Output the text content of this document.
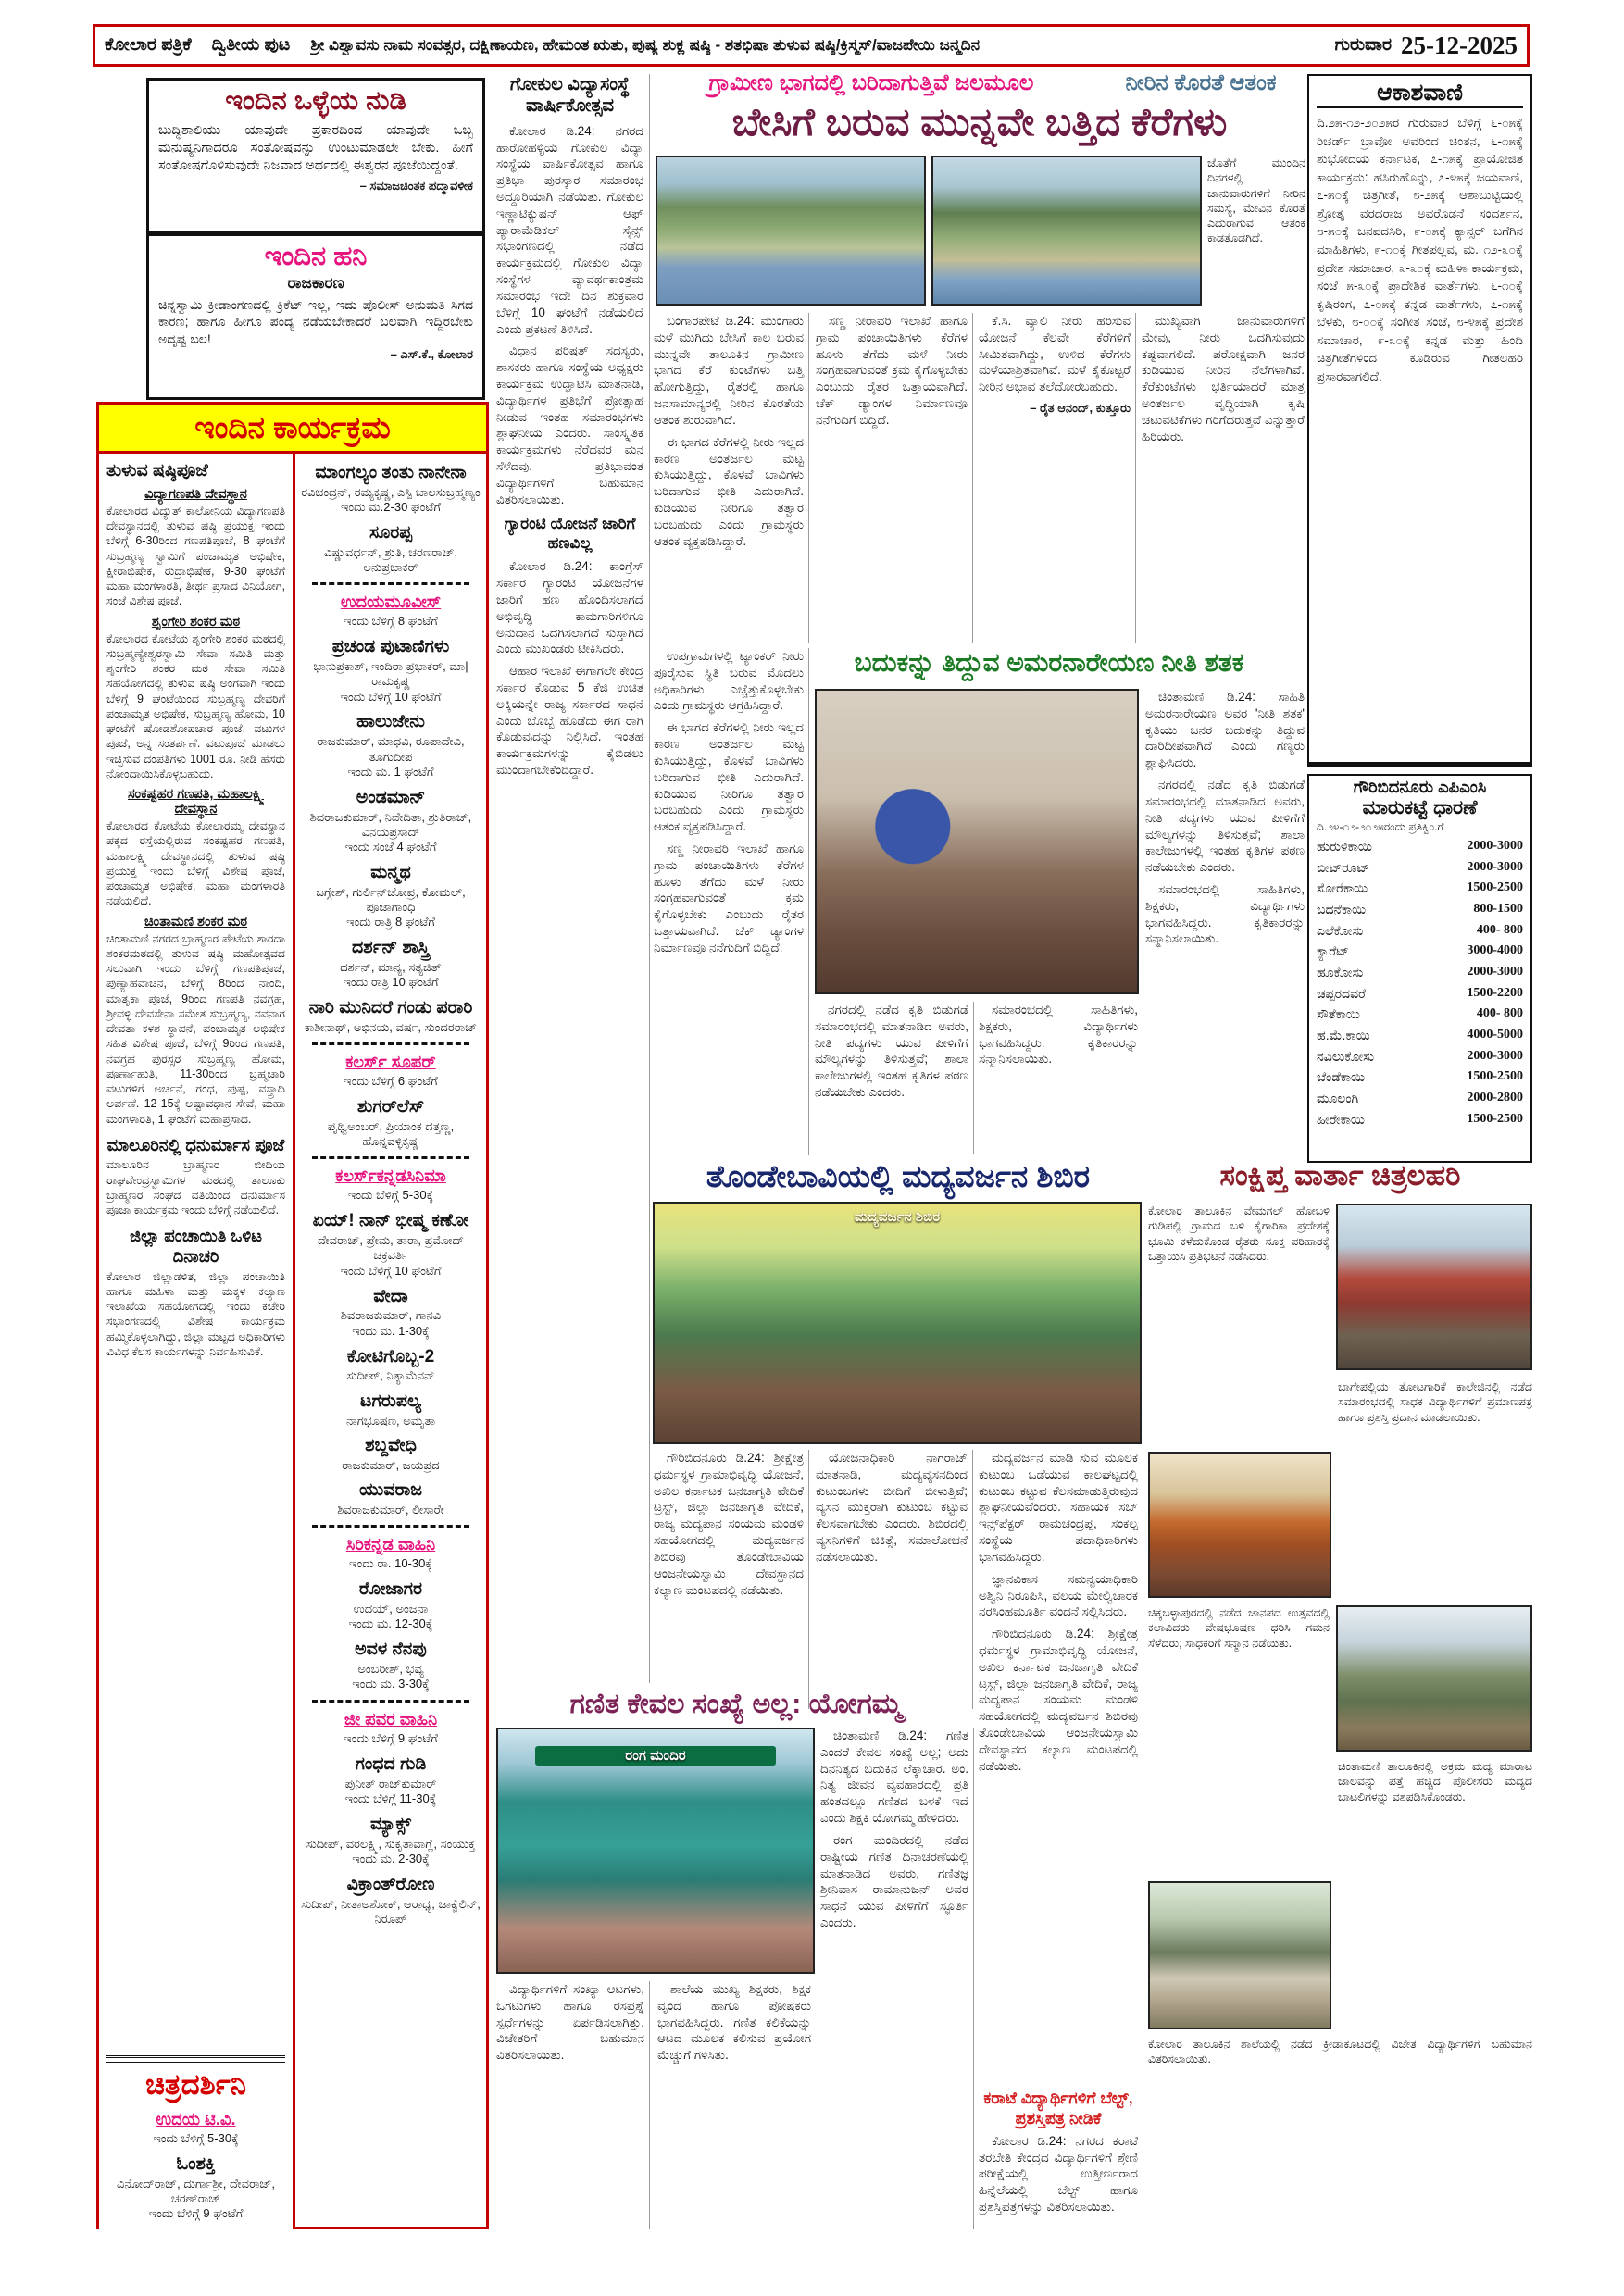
ಕೋಲಾರ ಪತ್ರಿಕೆ ದ್ವಿತೀಯ ಪುಟ ಶ್ರೀ ವಿಶ್ವಾವಸು ನಾಮ ಸಂವತ್ಸರ, ದಕ್ಷಿಣಾಯಣ, ಹೇಮಂತ ಋತು, ಪುಷ್ಯ ಶುಕ್ಲ ಷಷ್ಠಿ - ಶತಭಿಷಾ ತುಳುವ ಷಷ್ಠಿ/ಕ್ರಿಸ್ಮಸ್/ವಾಜಪೇಯಿ ಜನ್ಮದಿನ	ಗುರುವಾರ 25-12-2025
ಇಂದಿನ ಒಳ್ಳೆಯ ನುಡಿ
ಬುದ್ಧಿಶಾಲಿಯು ಯಾವುದೇ ಪ್ರಕಾರದಿಂದ ಯಾವುದೇ ಒಬ್ಬ ಮನುಷ್ಯನಿಗಾದರೂ ಸಂತೋಷವನ್ನು ಉಂಟುಮಾಡಲೇ ಬೇಕು. ಹೀಗೆ ಸಂತೋಷಗೊಳಿಸುವುದೇ ನಿಜವಾದ ಅರ್ಥದಲ್ಲಿ ಈಶ್ವರನ ಪೂಜೆಯಿದ್ದಂತೆ.
– ಸಮಾಜಚಿಂತಕ ಪದ್ಮಾವಳೀಕ
ಇಂದಿನ ಹನಿ
ರಾಜಕಾರಣ
ಚಿನ್ನಸ್ವಾಮಿ ಕ್ರೀಡಾಂಗಣದಲ್ಲಿ ಕ್ರಿಕೆಟ್ ಇಲ್ಲ, ಇದು ಪೊಲೀಸ್ ಅನುಮತಿ ಸಿಗದ ಕಾರಣ; ಹಾಗೂ ಹೀಗೂ ಪಂದ್ಯ ನಡೆಯಬೇಕಾದರೆ ಬಲವಾಗಿ ಇದ್ದಿರಬೇಕು ಅದೃಷ್ಟ ಬಲ!
– ಎಸ್.ಕೆ., ಕೋಲಾರ
ಇಂದಿನ ಕಾರ್ಯಕ್ರಮ
ತುಳುವ ಷಷ್ಠಿಪೂಜೆ
ವಿದ್ಯಾಗಣಪತಿ ದೇವಸ್ಥಾನ
ಕೋಲಾರದ ವಿದ್ಯುತ್ ಕಾಲೋನಿಯ ವಿದ್ಯಾಗಣಪತಿ ದೇವಸ್ಥಾನದಲ್ಲಿ ತುಳುವ ಷಷ್ಠಿ ಪ್ರಯುಕ್ತ ಇಂದು ಬೆಳಿಗ್ಗೆ 6-30ರಿಂದ ಗಣಪತಿಪೂಜೆ, 8 ಘಂಟೆಗೆ ಸುಬ್ರಹ್ಮಣ್ಯ ಸ್ವಾಮಿಗೆ ಪಂಚಾಮೃತ ಅಭಿಷೇಕ, ಕ್ಷೀರಾಭಿಷೇಕ, ರುದ್ರಾಭಿಷೇಕ, 9-30 ಘಂಟೆಗೆ ಮಹಾ ಮಂಗಳಾರತಿ, ತೀರ್ಥ ಪ್ರಸಾದ ವಿನಿಯೋಗ, ಸಂಜೆ ವಿಶೇಷ ಪೂಜೆ.
ಶೃಂಗೇರಿ ಶಂಕರ ಮಠ
ಕೋಲಾರದ ಕೋಟೆಯ ಶೃಂಗೇರಿ ಶಂಕರ ಮಠದಲ್ಲಿ ಸುಬ್ರಹ್ಮಣ್ಯೇಶ್ವರಸ್ವಾಮಿ ಸೇವಾ ಸಮಿತಿ ಮತ್ತು ಶೃಂಗೇರಿ ಶಂಕರ ಮಠ ಸೇವಾ ಸಮಿತಿ ಸಹಯೋಗದಲ್ಲಿ ತುಳುವ ಷಷ್ಠಿ ಅಂಗವಾಗಿ ಇಂದು ಬೆಳಿಗ್ಗೆ 9 ಘಂಟೆಯಿಂದ ಸುಬ್ರಹ್ಮಣ್ಯ ದೇವರಿಗೆ ಪಂಚಾಮೃತ ಅಭಿಷೇಕ, ಸುಬ್ರಹ್ಮಣ್ಯ ಹೋಮ, 10 ಘಂಟೆಗೆ ಷೋಡಶೋಪಚಾರ ಪೂಜೆ, ವಟುಗಳ ಪೂಜೆ, ಅನ್ನ ಸಂತರ್ಪಣೆ. ವಟುಪೂಜೆ ಮಾಡಲು ಇಚ್ಛಿಸುವ ದಂಪತಿಗಳು 1001 ರೂ. ನೀಡಿ ಹೆಸರು ನೋಂದಾಯಿಸಿಕೊಳ್ಳಬಹುದು.
ಸಂಕಷ್ಟಹರ ಗಣಪತಿ, ಮಹಾಲಕ್ಷ್ಮಿ ದೇವಸ್ಥಾನ
ಕೋಲಾರದ ಕೋಟೆಯ ಕೋಲಾರಮ್ಮ ದೇವಸ್ಥಾನ ಪಕ್ಕದ ರಸ್ತೆಯಲ್ಲಿರುವ ಸಂಕಷ್ಟಹರ ಗಣಪತಿ, ಮಹಾಲಕ್ಷ್ಮಿ ದೇವಸ್ಥಾನದಲ್ಲಿ ತುಳುವ ಷಷ್ಠಿ ಪ್ರಯುಕ್ತ ಇಂದು ಬೆಳಿಗ್ಗೆ ವಿಶೇಷ ಪೂಜೆ, ಪಂಚಾಮೃತ ಅಭಿಷೇಕ, ಮಹಾ ಮಂಗಳಾರತಿ ನಡೆಯಲಿದೆ.
ಚಿಂತಾಮಣಿ ಶಂಕರ ಮಠ
ಚಿಂತಾಮಣಿ ನಗರದ ಬ್ರಾಹ್ಮಣರ ಪೇಟೆಯ ಶಾರದಾ ಶಂಕರಮಠದಲ್ಲಿ ತುಳುವ ಷಷ್ಠಿ ಮಹೋತ್ಸವದ ಸಲುವಾಗಿ ಇಂದು ಬೆಳಿಗ್ಗೆ ಗಣಪತಿಪೂಜೆ, ಪುಣ್ಯಾಹವಾಚನ, ಬೆಳಿಗ್ಗೆ 8ರಿಂದ ನಾಂದಿ, ಮಾತೃಕಾ ಪೂಜೆ, 9ರಿಂದ ಗಣಪತಿ ನವಗ್ರಹ, ಶ್ರೀವಳ್ಳಿ ದೇವಸೇನಾ ಸಮೇತ ಸುಬ್ರಹ್ಮಣ್ಯ, ನವನಾಗ ದೇವತಾ ಕಳಶ ಸ್ಥಾಪನೆ, ಪಂಚಾಮೃತ ಅಭಿಷೇಕ ಸಹಿತ ವಿಶೇಷ ಪೂಜೆ, ಬೆಳಿಗ್ಗೆ 9ರಿಂದ ಗಣಪತಿ, ನವಗ್ರಹ ಪುರಸ್ಸರ ಸುಬ್ರಹ್ಮಣ್ಯ ಹೋಮ, ಪೂರ್ಣಾಹುತಿ, 11-30ರಿಂದ ಬ್ರಹ್ಮಚಾರಿ ವಟುಗಳಿಗೆ ಅರ್ಚನೆ, ಗಂಧ, ಪುಷ್ಪ, ವಸ್ತ್ರಾದಿ ಅರ್ಪಣೆ. 12-15ಕ್ಕೆ ಅಷ್ಟಾವಧಾನ ಸೇವೆ, ಮಹಾ ಮಂಗಳಾರತಿ, 1 ಘಂಟೆಗೆ ಮಹಾಪ್ರಸಾದ.
ಮಾಲೂರಿನಲ್ಲಿ ಧನುರ್ಮಾಸ ಪೂಜೆ
ಮಾಲೂರಿನ ಬ್ರಾಹ್ಮಣರ ಬೀದಿಯ ರಾಘವೇಂದ್ರಸ್ವಾಮಿಗಳ ಮಠದಲ್ಲಿ ತಾಲೂಕು ಬ್ರಾಹ್ಮಣರ ಸಂಘದ ವತಿಯಿಂದ ಧನುರ್ಮಾಸ ಪೂಜಾ ಕಾರ್ಯಕ್ರಮ ಇಂದು ಬೆಳಿಗ್ಗೆ ನಡೆಯಲಿದೆ.
ಜಿಲ್ಲಾ ಪಂಚಾಯಿತಿ ಒಳಿಟ ದಿನಾಚರಿ
ಕೋಲಾರ ಜಿಲ್ಲಾಡಳಿತ, ಜಿಲ್ಲಾ ಪಂಚಾಯಿತಿ ಹಾಗೂ ಮಹಿಳಾ ಮತ್ತು ಮಕ್ಕಳ ಕಲ್ಯಾಣ ಇಲಾಖೆಯ ಸಹಯೋಗದಲ್ಲಿ ಇಂದು ಕಚೇರಿ ಸಭಾಂಗಣದಲ್ಲಿ ವಿಶೇಷ ಕಾರ್ಯಕ್ರಮ ಹಮ್ಮಿಕೊಳ್ಳಲಾಗಿದ್ದು, ಜಿಲ್ಲಾ ಮಟ್ಟದ ಅಧಿಕಾರಿಗಳು ವಿವಿಧ ಕೆಲಸ ಕಾರ್ಯಗಳನ್ನು ನಿರ್ವಹಿಸುವಿಕೆ.
ಚಿತ್ರದರ್ಶಿನಿ
ಉದಯ ಟಿ.ವಿ.
ಇಂದು ಬೆಳಿಗ್ಗೆ 5-30ಕ್ಕೆ
ಓಂಶಕ್ತಿ
ವಿನೋದ್‌ರಾಜ್, ದುರ್ಗಾಶ್ರೀ, ದೇವರಾಜ್, ಚರಣ್‌ರಾಜ್
ಇಂದು ಬೆಳಿಗ್ಗೆ 9 ಘಂಟೆಗೆ
ಮಾಂಗಲ್ಯಂ ತಂತು ನಾನೇನಾ
ರವಿಚಂದ್ರನ್, ರಮ್ಯಕೃಷ್ಣ, ಎಸ್ಪಿ ಬಾಲಸುಬ್ರಹ್ಮಣ್ಯಂ
ಇಂದು ಮ.2-30 ಘಂಟೆಗೆ
ಸೂರಪ್ಪ
ವಿಷ್ಣುವರ್ಧನ್, ಶ್ರುತಿ, ಚರಣರಾಜ್, ಅನುಪ್ರಭಾಕರ್
ಉದಯಮೂವೀಸ್
ಇಂದು ಬೆಳಿಗ್ಗೆ 8 ಘಂಟೆಗೆ
ಪ್ರಚಂಡ ಪುಟಾಣಿಗಳು
ಭಾನುಪ್ರಕಾಶ್, ಇಂದಿರಾ ಪ್ರಭಾಕರ್, ಮಾ|ರಾಮಕೃಷ್ಣ
ಇಂದು ಬೆಳಿಗ್ಗೆ 10 ಘಂಟೆಗೆ
ಹಾಲುಜೇನು
ರಾಜಕುಮಾರ್, ಮಾಧವಿ, ರೂಪಾದೇವಿ, ತೂಗುದೀಪ
ಇಂದು ಮ. 1 ಘಂಟೆಗೆ
ಅಂಡಮಾನ್
ಶಿವರಾಜಕುಮಾರ್, ನಿವೇದಿತಾ, ಶ್ರುತಿರಾಜ್, ವಿನಯಪ್ರಸಾದ್
ಇಂದು ಸಂಜೆ 4 ಘಂಟೆಗೆ
ಮನ್ಮಥ
ಜಗ್ಗೇಶ್, ಗುರ್ಲಿನ್‌ಚೋಪ್ರ, ಕೋಮಲ್, ಪೂಜಾಗಾಂಧಿ
ಇಂದು ರಾತ್ರಿ 8 ಘಂಟೆಗೆ
ದರ್ಶನ್ ಶಾಸ್ತ್ರಿ
ದರ್ಶನ್, ಮಾನ್ಯ, ಸತ್ಯಜಿತ್
ಇಂದು ರಾತ್ರಿ 10 ಘಂಟೆಗೆ
ನಾರಿ ಮುನಿದರೆ ಗಂಡು ಪರಾರಿ
ಕಾಶೀನಾಥ್, ಅಭಿನಯ, ವರ್ಷ, ಸುಂದರರಾಜ್
ಕಲರ್ಸ್ ಸೂಪರ್
ಇಂದು ಬೆಳಿಗ್ಗೆ 6 ಘಂಟೆಗೆ
ಶುಗರ್‌ಲೆಸ್
ಪೃಥ್ವಿಅಂಬರ್, ಪ್ರಿಯಾಂಕ ದತ್ತಣ್ಣ, ಹೊನ್ನವಳ್ಳಿಕೃಷ್ಣ
ಕಲರ್ಸ್‌ಕನ್ನಡಸಿನಿಮಾ
ಇಂದು ಬೆಳಿಗ್ಗೆ 5-30ಕ್ಕೆ
ಏಯ್! ನಾನ್ ಭೀಷ್ಮ ಕಣೋ
ದೇವರಾಜ್, ಪ್ರೇಮ, ತಾರಾ, ಪ್ರಮೋದ್ ಚಕ್ರವರ್ತಿ
ಇಂದು ಬೆಳಿಗ್ಗೆ 10 ಘಂಟೆಗೆ
ವೇದಾ
ಶಿವರಾಜಕುಮಾರ್, ಗಾನವಿ
ಇಂದು ಮ. 1-30ಕ್ಕೆ
ಕೋಟಿಗೊಬ್ಬ-2
ಸುದೀಪ್, ನಿತ್ಯಾಮೆನನ್
ಟಗರುಪಲ್ಯ
ನಾಗಭೂಷಣ, ಅಮೃತಾ
ಶಬ್ದವೇಧಿ
ರಾಜಕುಮಾರ್, ಜಯಪ್ರದ
ಯುವರಾಜ
ಶಿವರಾಜಕುಮಾರ್, ಲೀಸಾರೇ
ಸಿರಿಕನ್ನಡ ವಾಹಿನಿ
ಇಂದು ರಾ. 10-30ಕ್ಕೆ
ರೋಜಾಗರ
ಉದಯ್, ಅಂಜನಾ
ಇಂದು ಮ. 12-30ಕ್ಕೆ
ಅವಳ ನೆನಪು
ಅಂಬರೀಶ್, ಭವ್ಯ
ಇಂದು ಮ. 3-30ಕ್ಕೆ
ಜೀ ಪವರ ವಾಹಿನಿ
ಇಂದು ಬೆಳಿಗ್ಗೆ 9 ಘಂಟೆಗೆ
ಗಂಧದ ಗುಡಿ
ಪುನೀತ್ ರಾಜ್‌ಕುಮಾರ್
ಇಂದು ಬೆಳಿಗ್ಗೆ 11-30ಕ್ಕೆ
ಮ್ಯಾಕ್ಸ್
ಸುದೀಪ್, ವರಲಕ್ಷ್ಮಿ, ಸುಕೃತಾವಾಗ್ಲೆ, ಸಂಯುಕ್ತ
ಇಂದು ಮ. 2-30ಕ್ಕೆ
ವಿಕ್ರಾಂತ್‌ರೋಣ
ಸುದೀಪ್, ನೀತಾಅಶೋಕ್, ಆರಾಧ್ಯ, ಜಾಕ್ವೆಲಿನ್, ನಿರೂಪ್
ಗೋಕುಲ ವಿದ್ಯಾಸಂಸ್ಥೆ ವಾರ್ಷಿಕೋತ್ಸವ

ಕೋಲಾರ ಡಿ.24: ನಗರದ ಹಾರೋಹಳ್ಳಿಯ ಗೋಕುಲ ವಿದ್ಯಾ ಸಂಸ್ಥೆಯ ವಾರ್ಷಿಕೋತ್ಸವ ಹಾಗೂ ಪ್ರತಿಭಾ ಪುರಸ್ಕಾರ ಸಮಾರಂಭ ಅದ್ದೂರಿಯಾಗಿ ನಡೆಯಿತು. ಗೋಕುಲ ಇಣ್ಣಾಟಿಕ್ಯುಷನ್ ಆಫ್ ಪ್ಯಾರಾಮೆಡಿಕಲ್ ಸೈನ್ಸ್ ಸಭಾಂಗಣದಲ್ಲಿ ನಡೆದ ಕಾರ್ಯಕ್ರಮದಲ್ಲಿ ಗೋಕುಲ ವಿದ್ಯಾ ಸಂಸ್ಥೆಗಳ ವ್ಯಾವರ್ಥಕಾಂತ್ರಮ ಸಮಾರಂಭ ಇದೇ ದಿನ ಶುಕ್ರವಾರ ಬೆಳಿಗ್ಗೆ 10 ಘಂಟೆಗೆ ನಡೆಯಲಿದೆ ಎಂದು ಪ್ರಕಟಣೆ ತಿಳಿಸಿದೆ.

ವಿಧಾನ ಪರಿಷತ್ ಸದಸ್ಯರು, ಶಾಸಕರು ಹಾಗೂ ಸಂಸ್ಥೆಯ ಅಧ್ಯಕ್ಷರು ಕಾರ್ಯಕ್ರಮ ಉದ್ಘಾಟಿಸಿ ಮಾತನಾಡಿ, ವಿದ್ಯಾರ್ಥಿಗಳ ಪ್ರತಿಭೆಗೆ ಪ್ರೋತ್ಸಾಹ ನೀಡುವ ಇಂತಹ ಸಮಾರಂಭಗಳು ಶ್ಲಾಘನೀಯ ಎಂದರು. ಸಾಂಸ್ಕೃತಿಕ ಕಾರ್ಯಕ್ರಮಗಳು ನೆರೆದವರ ಮನ ಸೆಳೆದವು. ಪ್ರತಿಭಾವಂತ ವಿದ್ಯಾರ್ಥಿಗಳಿಗೆ ಬಹುಮಾನ ವಿತರಿಸಲಾಯಿತು.

ಗ್ಯಾರಂಟಿ ಯೋಜನೆ ಜಾರಿಗೆ ಹಣವಿಲ್ಲ

ಕೋಲಾರ ಡಿ.24: ಕಾಂಗ್ರೆಸ್ ಸರ್ಕಾರ ಗ್ಯಾರಂಟಿ ಯೋಜನೆಗಳ ಜಾರಿಗೆ ಹಣ ಹೊಂದಿಸಲಾಗದೆ ಅಭಿವೃದ್ಧಿ ಕಾಮಗಾರಿಗಳಿಗೂ ಅನುದಾನ ಒದಗಿಸಲಾಗದೆ ಸುಸ್ತಾಗಿದೆ ಎಂದು ಮುಖಂಡರು ಟೀಕಿಸಿದರು.

ಆಹಾರ ಇಲಾಖೆ ಈಗಾಗಲೇ ಕೇಂದ್ರ ಸರ್ಕಾರ ಕೊಡುವ 5 ಕೆಜಿ ಉಚಿತ ಅಕ್ಕಿಯನ್ನೇ ರಾಜ್ಯ ಸರ್ಕಾರದ ಸಾಧನೆ ಎಂದು ಬೊಬ್ಬೆ ಹೊಡೆದು ಈಗ ರಾಗಿ ಕೊಡುವುದನ್ನು ನಿಲ್ಲಿಸಿದೆ. ಇಂತಹ ಕಾರ್ಯಕ್ರಮಗಳನ್ನು ಕೈಬಿಡಲು ಮುಂದಾಗಬೇಕೆಂದಿದ್ದಾರೆ.

ಗ್ರಾಮೀಣ ಭಾಗದಲ್ಲಿ ಬರಿದಾಗುತ್ತಿವೆ ಜಲಮೂಲ	ನೀರಿನ ಕೊರತೆ ಆತಂಕ
ಬೇಸಿಗೆ ಬರುವ ಮುನ್ನವೇ ಬತ್ತಿದ ಕೆರೆಗಳು
ಜೊತೆಗೆ ಮುಂದಿನ ದಿನಗಳಲ್ಲಿ ಜಾನುವಾರುಗಳಿಗೆ ನೀರಿನ ಸಮಸ್ಯೆ, ಮೇವಿನ ಕೊರತೆ ಎದುರಾಗುವ ಆತಂಕ ಕಾಡತೊಡಗಿದೆ.

ಬಂಗಾರಪೇಟೆ ಡಿ.24: ಮುಂಗಾರು ಮಳೆ ಮುಗಿದು ಬೇಸಿಗೆ ಕಾಲ ಬರುವ ಮುನ್ನವೇ ತಾಲೂಕಿನ ಗ್ರಾಮೀಣ ಭಾಗದ ಕೆರೆ ಕುಂಟೆಗಳು ಬತ್ತಿ ಹೋಗುತ್ತಿದ್ದು, ರೈತರಲ್ಲಿ ಹಾಗೂ ಜನಸಾಮಾನ್ಯರಲ್ಲಿ ನೀರಿನ ಕೊರತೆಯ ಆತಂಕ ಶುರುವಾಗಿದೆ.

ಈ ಭಾಗದ ಕೆರೆಗಳಲ್ಲಿ ನೀರು ಇಲ್ಲದ ಕಾರಣ ಅಂತರ್ಜಲ ಮಟ್ಟ ಕುಸಿಯುತ್ತಿದ್ದು, ಕೊಳವೆ ಬಾವಿಗಳು ಬರಿದಾಗುವ ಭೀತಿ ಎದುರಾಗಿದೆ. ಕುಡಿಯುವ ನೀರಿಗೂ ತತ್ವಾರ ಬರಬಹುದು ಎಂದು ಗ್ರಾಮಸ್ಥರು ಆತಂಕ ವ್ಯಕ್ತಪಡಿಸಿದ್ದಾರೆ.

ಸಣ್ಣ ನೀರಾವರಿ ಇಲಾಖೆ ಹಾಗೂ ಗ್ರಾಮ ಪಂಚಾಯಿತಿಗಳು ಕೆರೆಗಳ ಹೂಳು ತೆಗೆದು ಮಳೆ ನೀರು ಸಂಗ್ರಹವಾಗುವಂತೆ ಕ್ರಮ ಕೈಗೊಳ್ಳಬೇಕು ಎಂಬುದು ರೈತರ ಒತ್ತಾಯವಾಗಿದೆ. ಚೆಕ್ ಡ್ಯಾಂಗಳ ನಿರ್ಮಾಣವೂ ನನೆಗುದಿಗೆ ಬಿದ್ದಿದೆ.

ಕೆ.ಸಿ. ವ್ಯಾಲಿ ನೀರು ಹರಿಸುವ ಯೋಜನೆ ಕೆಲವೇ ಕೆರೆಗಳಿಗೆ ಸೀಮಿತವಾಗಿದ್ದು, ಉಳಿದ ಕೆರೆಗಳು ಮಳೆಯಾಶ್ರಿತವಾಗಿವೆ. ಮಳೆ ಕೈಕೊಟ್ಟರೆ ನೀರಿನ ಅಭಾವ ತಲೆದೋರಬಹುದು.

– ರೈತ ಆನಂದ್, ಕುತ್ತೂರು

ಮುಖ್ಯವಾಗಿ ಜಾನುವಾರುಗಳಿಗೆ ಮೇವು, ನೀರು ಒದಗಿಸುವುದು ಕಷ್ಟವಾಗಲಿದೆ. ಪರೋಕ್ಷವಾಗಿ ಜನರ ಕುಡಿಯುವ ನೀರಿನ ನೆಲೆಗಳಾಗಿವೆ. ಕೆರೆಕುಂಟೆಗಳು ಭರ್ತಿಯಾದರೆ ಮಾತ್ರ ಅಂತರ್ಜಲ ವೃದ್ಧಿಯಾಗಿ ಕೃಷಿ ಚಟುವಟಿಕೆಗಳು ಗರಿಗೆದರುತ್ತವೆ ಎನ್ನುತ್ತಾರೆ ಹಿರಿಯರು.

ಉಪಗ್ರಾಮಗಳಲ್ಲಿ ಟ್ಯಾಂಕರ್ ನೀರು ಪೂರೈಸುವ ಸ್ಥಿತಿ ಬರುವ ಮೊದಲು ಅಧಿಕಾರಿಗಳು ಎಚ್ಚೆತ್ತುಕೊಳ್ಳಬೇಕು ಎಂದು ಗ್ರಾಮಸ್ಥರು ಆಗ್ರಹಿಸಿದ್ದಾರೆ.

ಈ ಭಾಗದ ಕೆರೆಗಳಲ್ಲಿ ನೀರು ಇಲ್ಲದ ಕಾರಣ ಅಂತರ್ಜಲ ಮಟ್ಟ ಕುಸಿಯುತ್ತಿದ್ದು, ಕೊಳವೆ ಬಾವಿಗಳು ಬರಿದಾಗುವ ಭೀತಿ ಎದುರಾಗಿದೆ. ಕುಡಿಯುವ ನೀರಿಗೂ ತತ್ವಾರ ಬರಬಹುದು ಎಂದು ಗ್ರಾಮಸ್ಥರು ಆತಂಕ ವ್ಯಕ್ತಪಡಿಸಿದ್ದಾರೆ.

ಸಣ್ಣ ನೀರಾವರಿ ಇಲಾಖೆ ಹಾಗೂ ಗ್ರಾಮ ಪಂಚಾಯಿತಿಗಳು ಕೆರೆಗಳ ಹೂಳು ತೆಗೆದು ಮಳೆ ನೀರು ಸಂಗ್ರಹವಾಗುವಂತೆ ಕ್ರಮ ಕೈಗೊಳ್ಳಬೇಕು ಎಂಬುದು ರೈತರ ಒತ್ತಾಯವಾಗಿದೆ. ಚೆಕ್ ಡ್ಯಾಂಗಳ ನಿರ್ಮಾಣವೂ ನನೆಗುದಿಗೆ ಬಿದ್ದಿದೆ.

ಬದುಕನ್ನು ತಿದ್ದುವ ಅಮರನಾರೇಯಣ ನೀತಿ ಶತಕ

ಚಿಂತಾಮಣಿ ಡಿ.24: ಸಾಹಿತಿ ಅಮರನಾರೇಯಣ ಅವರ 'ನೀತಿ ಶತಕ' ಕೃತಿಯು ಜನರ ಬದುಕನ್ನು ತಿದ್ದುವ ದಾರಿದೀಪವಾಗಿದೆ ಎಂದು ಗಣ್ಯರು ಶ್ಲಾಘಿಸಿದರು.

ನಗರದಲ್ಲಿ ನಡೆದ ಕೃತಿ ಬಿಡುಗಡೆ ಸಮಾರಂಭದಲ್ಲಿ ಮಾತನಾಡಿದ ಅವರು, ನೀತಿ ಪದ್ಯಗಳು ಯುವ ಪೀಳಿಗೆಗೆ ಮೌಲ್ಯಗಳನ್ನು ತಿಳಿಸುತ್ತವೆ; ಶಾಲಾ ಕಾಲೇಜುಗಳಲ್ಲಿ ಇಂತಹ ಕೃತಿಗಳ ಪಠಣ ನಡೆಯಬೇಕು ಎಂದರು.

ಸಮಾರಂಭದಲ್ಲಿ ಸಾಹಿತಿಗಳು, ಶಿಕ್ಷಕರು, ವಿದ್ಯಾರ್ಥಿಗಳು ಭಾಗವಹಿಸಿದ್ದರು. ಕೃತಿಕಾರರನ್ನು ಸನ್ಮಾನಿಸಲಾಯಿತು.

ನಗರದಲ್ಲಿ ನಡೆದ ಕೃತಿ ಬಿಡುಗಡೆ ಸಮಾರಂಭದಲ್ಲಿ ಮಾತನಾಡಿದ ಅವರು, ನೀತಿ ಪದ್ಯಗಳು ಯುವ ಪೀಳಿಗೆಗೆ ಮೌಲ್ಯಗಳನ್ನು ತಿಳಿಸುತ್ತವೆ; ಶಾಲಾ ಕಾಲೇಜುಗಳಲ್ಲಿ ಇಂತಹ ಕೃತಿಗಳ ಪಠಣ ನಡೆಯಬೇಕು ಎಂದರು.

ಸಮಾರಂಭದಲ್ಲಿ ಸಾಹಿತಿಗಳು, ಶಿಕ್ಷಕರು, ವಿದ್ಯಾರ್ಥಿಗಳು ಭಾಗವಹಿಸಿದ್ದರು. ಕೃತಿಕಾರರನ್ನು ಸನ್ಮಾನಿಸಲಾಯಿತು.

ತೊಂಡೇಬಾವಿಯಲ್ಲಿ ಮದ್ಯವರ್ಜನ ಶಿಬಿರ
ಮದ್ಯವರ್ಜನ ಶಿಬಿರ

ಗೌರಿಬಿದನೂರು ಡಿ.24: ಶ್ರೀಕ್ಷೇತ್ರ ಧರ್ಮಸ್ಥಳ ಗ್ರಾಮಾಭಿವೃದ್ಧಿ ಯೋಜನೆ, ಅಖಿಲ ಕರ್ನಾಟಕ ಜನಜಾಗೃತಿ ವೇದಿಕೆ ಟ್ರಸ್ಟ್, ಜಿಲ್ಲಾ ಜನಜಾಗೃತಿ ವೇದಿಕೆ, ರಾಜ್ಯ ಮದ್ಯಪಾನ ಸಂಯಮ ಮಂಡಳಿ ಸಹಯೋಗದಲ್ಲಿ ಮದ್ಯವರ್ಜನ ಶಿಬಿರವು ತೊಂಡೇಬಾವಿಯ ಆಂಜನೇಯಸ್ವಾಮಿ ದೇವಸ್ಥಾನದ ಕಲ್ಯಾಣ ಮಂಟಪದಲ್ಲಿ ನಡೆಯಿತು.

ಯೋಜನಾಧಿಕಾರಿ ನಾಗರಾಜ್ ಮಾತನಾಡಿ, ಮದ್ಯವ್ಯಸನದಿಂದ ಕುಟುಂಬಗಳು ಬೀದಿಗೆ ಬೀಳುತ್ತಿವೆ; ವ್ಯಸನ ಮುಕ್ತರಾಗಿ ಕುಟುಂಬ ಕಟ್ಟುವ ಕೆಲಸವಾಗಬೇಕು ಎಂದರು. ಶಿಬಿರದಲ್ಲಿ ವ್ಯಸನಿಗಳಿಗೆ ಚಿಕಿತ್ಸೆ, ಸಮಾಲೋಚನೆ ನಡೆಸಲಾಯಿತು.

ಮದ್ಯವರ್ಜನ ಮಾಡಿ ಸುವ ಮೂಲಕ ಕುಟುಂಬ ಒಡೆಯುವ ಕಾಲಘಟ್ಟದಲ್ಲಿ ಕುಟುಂಬ ಕಟ್ಟುವ ಕೆಲಸಮಾಡುತ್ತಿರುವುದ ಶ್ಲಾಘನೀಯವೆಂದರು. ಸಹಾಯಕ ಸಬ್ ಇನ್ಸ್‌ಪೆಕ್ಟರ್ ರಾಮಚಂದ್ರಪ್ಪ, ಸಂಕಲ್ಪ ಸಂಸ್ಥೆಯ ಪದಾಧಿಕಾರಿಗಳು ಭಾಗವಹಿಸಿದ್ದರು.

ಜ್ಞಾನವಿಕಾಸ ಸಮನ್ವಯಾಧಿಕಾರಿ ಅಶ್ವಿನಿ ನಿರೂಪಿಸಿ, ವಲಯ ಮೇಲ್ವಿಚಾರಕ ನರಸಿಂಹಮೂರ್ತಿ ವಂದನೆ ಸಲ್ಲಿಸಿದರು.

ಗೌರಿಬಿದನೂರು ಡಿ.24: ಶ್ರೀಕ್ಷೇತ್ರ ಧರ್ಮಸ್ಥಳ ಗ್ರಾಮಾಭಿವೃದ್ಧಿ ಯೋಜನೆ, ಅಖಿಲ ಕರ್ನಾಟಕ ಜನಜಾಗೃತಿ ವೇದಿಕೆ ಟ್ರಸ್ಟ್, ಜಿಲ್ಲಾ ಜನಜಾಗೃತಿ ವೇದಿಕೆ, ರಾಜ್ಯ ಮದ್ಯಪಾನ ಸಂಯಮ ಮಂಡಳಿ ಸಹಯೋಗದಲ್ಲಿ ಮದ್ಯವರ್ಜನ ಶಿಬಿರವು ತೊಂಡೇಬಾವಿಯ ಆಂಜನೇಯಸ್ವಾಮಿ ದೇವಸ್ಥಾನದ ಕಲ್ಯಾಣ ಮಂಟಪದಲ್ಲಿ ನಡೆಯಿತು.

ಕರಾಟೆ ವಿದ್ಯಾರ್ಥಿಗಳಿಗೆ ಬೆಲ್ಟ್, ಪ್ರಶಸ್ತಿಪತ್ರ ನೀಡಿಕೆ

ಕೋಲಾರ ಡಿ.24: ನಗರದ ಕರಾಟೆ ತರಬೇತಿ ಕೇಂದ್ರದ ವಿದ್ಯಾರ್ಥಿಗಳಿಗೆ ಶ್ರೇಣಿ ಪರೀಕ್ಷೆಯಲ್ಲಿ ಉತ್ತೀರ್ಣರಾದ ಹಿನ್ನೆಲೆಯಲ್ಲಿ ಬೆಲ್ಟ್ ಹಾಗೂ ಪ್ರಶಸ್ತಿಪತ್ರಗಳನ್ನು ವಿತರಿಸಲಾಯಿತು.

ಗಣಿತ ಕೇವಲ ಸಂಖ್ಯೆ ಅಲ್ಲ: ಯೋಗಮ್ಮ
ರಂಗ ಮಂದಿರ

ಚಿಂತಾಮಣಿ ಡಿ.24: ಗಣಿತ ಎಂದರೆ ಕೇವಲ ಸಂಖ್ಯೆ ಅಲ್ಲ; ಅದು ದಿನನಿತ್ಯದ ಬದುಕಿನ ಲೆಕ್ಕಾಚಾರ. ಅಂ. ನಿತ್ಯ ಜೀವನ ವ್ಯವಹಾರದಲ್ಲಿ ಪ್ರತಿ ಹಂತದಲ್ಲೂ ಗಣಿತದ ಬಳಕೆ ಇದೆ ಎಂದು ಶಿಕ್ಷಕಿ ಯೋಗಮ್ಮ ಹೇಳಿದರು.

ರಂಗ ಮಂದಿರದಲ್ಲಿ ನಡೆದ ರಾಷ್ಟ್ರೀಯ ಗಣಿತ ದಿನಾಚರಣೆಯಲ್ಲಿ ಮಾತನಾಡಿದ ಅವರು, ಗಣಿತಜ್ಞ ಶ್ರೀನಿವಾಸ ರಾಮಾನುಜನ್ ಅವರ ಸಾಧನೆ ಯುವ ಪೀಳಿಗೆಗೆ ಸ್ಫೂರ್ತಿ ಎಂದರು.

ವಿದ್ಯಾರ್ಥಿಗಳಿಗೆ ಸಂಖ್ಯಾ ಆಟಗಳು, ಒಗಟುಗಳು ಹಾಗೂ ರಸಪ್ರಶ್ನೆ ಸ್ಪರ್ಧೆಗಳನ್ನು ಏರ್ಪಡಿಸಲಾಗಿತ್ತು. ವಿಜೇತರಿಗೆ ಬಹುಮಾನ ವಿತರಿಸಲಾಯಿತು.

ಶಾಲೆಯ ಮುಖ್ಯ ಶಿಕ್ಷಕರು, ಶಿಕ್ಷಕ ವೃಂದ ಹಾಗೂ ಪೋಷಕರು ಭಾಗವಹಿಸಿದ್ದರು. ಗಣಿತ ಕಲಿಕೆಯನ್ನು ಆಟದ ಮೂಲಕ ಕಲಿಸುವ ಪ್ರಯೋಗ ಮೆಚ್ಚುಗೆ ಗಳಿಸಿತು.

ಆಕಾಶವಾಣಿ
ದಿ.೨೫-೧೨-೨೦೨೫ರ ಗುರುವಾರ ಬೆಳಿಗ್ಗೆ ೬-೦೫ಕ್ಕೆ ರಿಚರ್ಡ್ ಬ್ರಾವೋ ಅವರಿಂದ ಚಿಂತನ, ೬-೧೫ಕ್ಕೆ ಶುಭೋದಯ ಕರ್ನಾಟಕ, ೭-೧೫ಕ್ಕೆ ಪ್ರಾಯೋಜಿತ ಕಾರ್ಯಕ್ರಮ: ಹಸಿರುಹೊನ್ನು, ೭-೪೫ಕ್ಕೆ ಜಯವಾಣಿ, ೭-೫೦ಕ್ಕೆ ಚಿತ್ರಗೀತೆ, ೮-೨೫ಕ್ಕೆ ಆಶಾಬುಟ್ಟಿಯಲ್ಲಿ ಶ್ರೋತೃ ವರದರಾಜ ಅವರೊಡನೆ ಸಂದರ್ಶನ, ೮-೫೦ಕ್ಕೆ ಜನಪದಸಿರಿ, ೯-೦೫ಕ್ಕೆ ಕ್ಯಾನ್ಸರ್ ಬಗೆಗಿನ ಮಾಹಿತಿಗಳು, ೯-೧೦ಕ್ಕೆ ಗೀತಪಲ್ಲವ, ಮ. ೧೨-೩೦ಕ್ಕೆ ಪ್ರದೇಶ ಸಮಾಚಾರ, ೩-೩೦ಕ್ಕೆ ಮಹಿಳಾ ಕಾರ್ಯಕ್ರಮ, ಸಂಜೆ ೫-೩೦ಕ್ಕೆ ಪ್ರಾದೇಶಿಕ ವಾರ್ತೆಗಳು, ೬-೧೦ಕ್ಕೆ ಕೃಷಿರಂಗ, ೭-೦೫ಕ್ಕೆ ಕನ್ನಡ ವಾರ್ತೆಗಳು, ೭-೧೫ಕ್ಕೆ ಬೆಳಕು, ೮-೦೦ಕ್ಕೆ ಸಂಗೀತ ಸಂಜೆ, ೮-೪೫ಕ್ಕೆ ಪ್ರದೇಶ ಸಮಾಚಾರ, ೯-೩೦ಕ್ಕೆ ಕನ್ನಡ ಮತ್ತು ಹಿಂದಿ ಚಿತ್ರಗೀತೆಗಳಿಂದ ಕೂಡಿರುವ ಗೀತಲಹರಿ ಪ್ರಸಾರವಾಗಲಿದೆ.
ಗೌರಿಬಿದನೂರು ಎಪಿಎಂಸಿ
ಮಾರುಕಟ್ಟೆ ಧಾರಣೆ
ದಿ.೨೪-೧೨-೨೦೨೫ರಂದು ಪ್ರತಿಕ್ವಿಂ.ಗೆ
ಹುರುಳಿಕಾಯಿ	2000-3000
ಬೀಟ್‌ರೂಟ್	2000-3000
ಸೋರೆಕಾಯಿ	1500-2500
ಬದನೆಕಾಯಿ	800-1500
ಎಲೆಕೋಸು	400- 800
ಕ್ಯಾರೆಟ್	3000-4000
ಹೂಕೋಸು	2000-3000
ಚಪ್ಪರದವರೆ	1500-2200
ಸೌತೆಕಾಯಿ	400- 800
ಹ.ಮೆ.ಕಾಯಿ	4000-5000
ನವಿಲುಕೋಸು	2000-3000
ಬೆಂಡೆಕಾಯಿ	1500-2500
ಮೂಲಂಗಿ	2000-2800
ಹೀರೇಕಾಯಿ	1500-2500
ಸಂಕ್ಷಿಪ್ತ ವಾರ್ತಾ ಚಿತ್ರಲಹರಿ
ಕೋಲಾರ ತಾಲೂಕಿನ ವೇಮಗಲ್ ಹೋಬಳಿ ಗುಡಿಪಲ್ಲಿ ಗ್ರಾಮದ ಬಳಿ ಕೈಗಾರಿಕಾ ಪ್ರದೇಶಕ್ಕೆ ಭೂಮಿ ಕಳೆದುಕೊಂಡ ರೈತರು ಸೂಕ್ತ ಪರಿಹಾರಕ್ಕೆ ಒತ್ತಾಯಿಸಿ ಪ್ರತಿಭಟನೆ ನಡೆಸಿದರು.
ಬಾಗೇಪಲ್ಲಿಯ ತೋಟಗಾರಿಕೆ ಕಾಲೇಜಿನಲ್ಲಿ ನಡೆದ ಸಮಾರಂಭದಲ್ಲಿ ಸಾಧಕ ವಿದ್ಯಾರ್ಥಿಗಳಿಗೆ ಪ್ರಮಾಣಪತ್ರ ಹಾಗೂ ಪ್ರಶಸ್ತಿ ಪ್ರದಾನ ಮಾಡಲಾಯಿತು.
ಚಿಕ್ಕಬಳ್ಳಾಪುರದಲ್ಲಿ ನಡೆದ ಜಾನಪದ ಉತ್ಸವದಲ್ಲಿ ಕಲಾವಿದರು ವೇಷಭೂಷಣ ಧರಿಸಿ ಗಮನ ಸೆಳೆದರು; ಸಾಧಕರಿಗೆ ಸನ್ಮಾನ ನಡೆಯಿತು.
ಚಿಂತಾಮಣಿ ತಾಲೂಕಿನಲ್ಲಿ ಅಕ್ರಮ ಮದ್ಯ ಮಾರಾಟ ಜಾಲವನ್ನು ಪತ್ತೆ ಹಚ್ಚಿದ ಪೊಲೀಸರು ಮದ್ಯದ ಬಾಟಲಿಗಳನ್ನು ವಶಪಡಿಸಿಕೊಂಡರು.
ಕೋಲಾರ ತಾಲೂಕಿನ ಶಾಲೆಯಲ್ಲಿ ನಡೆದ ಕ್ರೀಡಾಕೂಟದಲ್ಲಿ ವಿಜೇತ ವಿದ್ಯಾರ್ಥಿಗಳಿಗೆ ಬಹುಮಾನ ವಿತರಿಸಲಾಯಿತು.
